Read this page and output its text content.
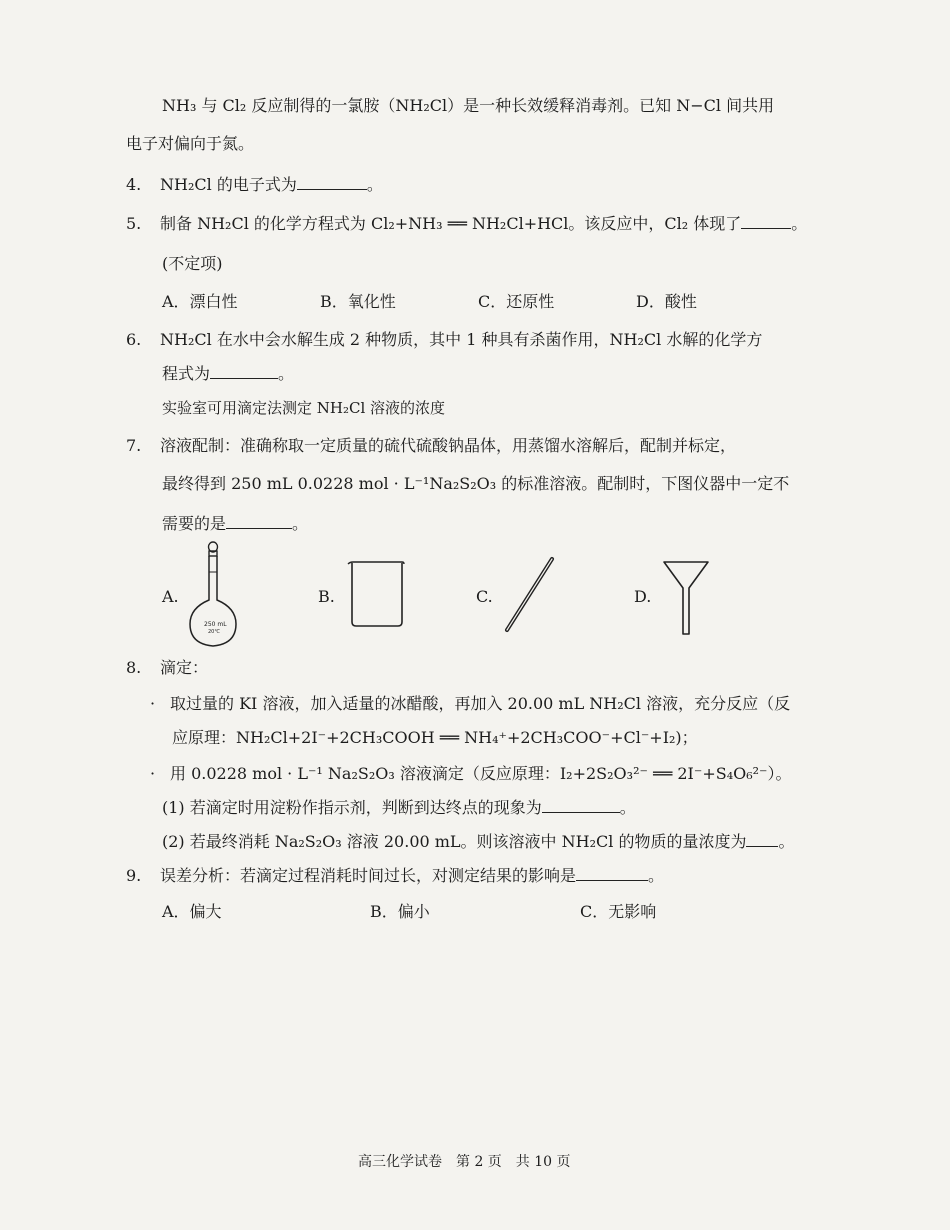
NH₃ 与 Cl₂ 反应制得的一氯胺（NH₂Cl）是一种长效缓释消毒剂。已知 N−Cl 间共用
电子对偏向于氮。
4. NH₂Cl 的电子式为	。
5. 制备 NH₂Cl 的化学方程式为 Cl₂+NH₃ ══ NH₂Cl+HCl。该反应中，Cl₂ 体现了	。
(不定项)
A．漂白性	B．氧化性	C．还原性	D．酸性
6. NH₂Cl 在水中会水解生成 2 种物质，其中 1 种具有杀菌作用，NH₂Cl 水解的化学方
程式为	。
实验室可用滴定法测定 NH₂Cl 溶液的浓度
7. 溶液配制：准确称取一定质量的硫代硫酸钠晶体，用蒸馏水溶解后，配制并标定，
最终得到 250 mL 0.0228 mol · L⁻¹Na₂S₂O₃ 的标准溶液。配制时，下图仪器中一定不
需要的是	。
A.	B.	C.	D.
250 mL
20℃
8. 滴定：
· 取过量的 KI 溶液，加入适量的冰醋酸，再加入 20.00 mL NH₂Cl 溶液，充分反应（反
应原理：NH₂Cl+2I⁻+2CH₃COOH ══ NH₄⁺+2CH₃COO⁻+Cl⁻+I₂)；
· 用 0.0228 mol · L⁻¹ Na₂S₂O₃ 溶液滴定（反应原理：I₂+2S₂O₃²⁻ ══ 2I⁻+S₄O₆²⁻）。
(1) 若滴定时用淀粉作指示剂，判断到达终点的现象为	。
(2) 若最终消耗 Na₂S₂O₃ 溶液 20.00 mL。则该溶液中 NH₂Cl 的物质的量浓度为 。
9. 误差分析：若滴定过程消耗时间过长，对测定结果的影响是	。
A．偏大	B．偏小	C．无影响
高三化学试卷　第 2 页　共 10 页
